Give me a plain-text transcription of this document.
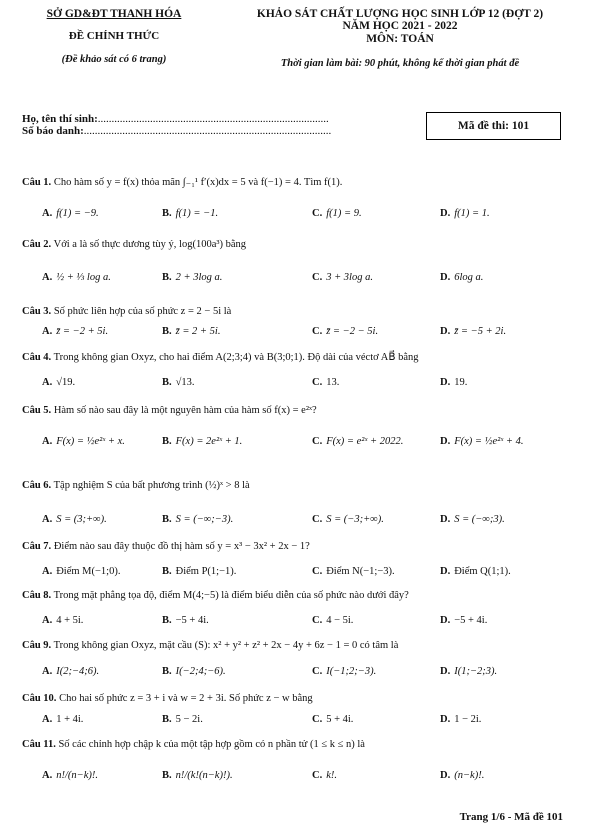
SỞ GD&ĐT THANH HÓA
ĐỀ CHÍNH THỨC
(Đề khảo sát có 6 trang)
KHẢO SÁT CHẤT LƯỢNG HỌC SINH LỚP 12 (ĐỢT 2)
NĂM HỌC 2021 - 2022
MÔN: TOÁN
Thời gian làm bài: 90 phút, không kể thời gian phát đề
Họ, tên thí sinh:....................................................................................
Số báo danh:..........................................................................................	Mã đề thi: 101
Câu 1. Cho hàm số y = f(x) thỏa mãn ∫₋₁¹ f′(x)dx = 5 và f(−1) = 4. Tìm f(1).
A. f(1) = −9.	B. f(1) = −1.	C. f(1) = 9.	D. f(1) = 1.
Câu 2. Với a là số thực dương tùy ý, log(100a³) bằng
A. ½ + ⅓ log a.	B. 2 + 3log a.	C. 3 + 3log a.	D. 6log a.
Câu 3. Số phức liên hợp của số phức z = 2 − 5i là
A. z̄ = −2 + 5i.	B. z̄ = 2 + 5i.	C. z̄ = −2 − 5i.	D. z̄ = −5 + 2i.
Câu 4. Trong không gian Oxyz, cho hai điểm A(2;3;4) và B(3;0;1). Độ dài của véctơ AB⃗ bằng
A. √19.	B. √13.	C. 13.	D. 19.
Câu 5. Hàm số nào sau đây là một nguyên hàm của hàm số f(x) = e²ˣ?
A. F(x) = ½e²ˣ + x.	B. F(x) = 2e²ˣ + 1.	C. F(x) = e²ˣ + 2022.	D. F(x) = ½e²ˣ + 4.
Câu 6. Tập nghiệm S của bất phương trình (½)ˣ > 8 là
A. S = (3;+∞).	B. S = (−∞;−3).	C. S = (−3;+∞).	D. S = (−∞;3).
Câu 7. Điểm nào sau đây thuộc đồ thị hàm số y = x³ − 3x² + 2x − 1?
A. Điểm M(−1;0).	B. Điểm P(1;−1).	C. Điểm N(−1;−3).	D. Điểm Q(1;1).
Câu 8. Trong mặt phẳng tọa độ, điểm M(4;−5) là điểm biểu diễn của số phức nào dưới đây?
A. 4 + 5i.	B. −5 + 4i.	C. 4 − 5i.	D. −5 + 4i.
Câu 9. Trong không gian Oxyz, mặt cầu (S): x² + y² + z² + 2x − 4y + 6z − 1 = 0 có tâm là
A. I(2;−4;6).	B. I(−2;4;−6).	C. I(−1;2;−3).	D. I(1;−2;3).
Câu 10. Cho hai số phức z = 3 + i và w = 2 + 3i. Số phức z − w bằng
A. 1 + 4i.	B. 5 − 2i.	C. 5 + 4i.	D. 1 − 2i.
Câu 11. Số các chỉnh hợp chập k của một tập hợp gồm có n phần tử (1 ≤ k ≤ n) là
A. n!/(n−k)!.	B. n!/(k!(n−k)!).	C. k!.	D. (n−k)!.
Trang 1/6 - Mã đề 101
